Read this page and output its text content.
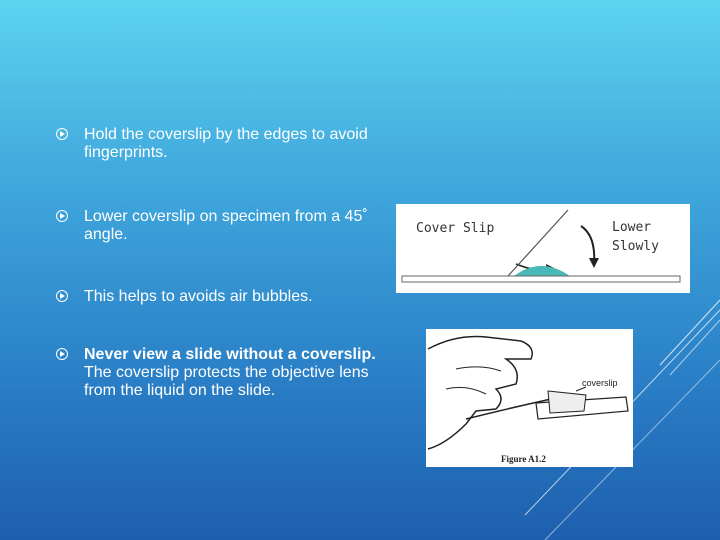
Hold the coverslip by the edges to avoid fingerprints.
Lower coverslip on specimen from a 45˚ angle.
This helps to avoids air bubbles.
Never view a slide without a coverslip. The coverslip protects the objective lens from the liquid on the slide.
Cover Slip	Lower
Slowly
coverslip
Figure A1.2
